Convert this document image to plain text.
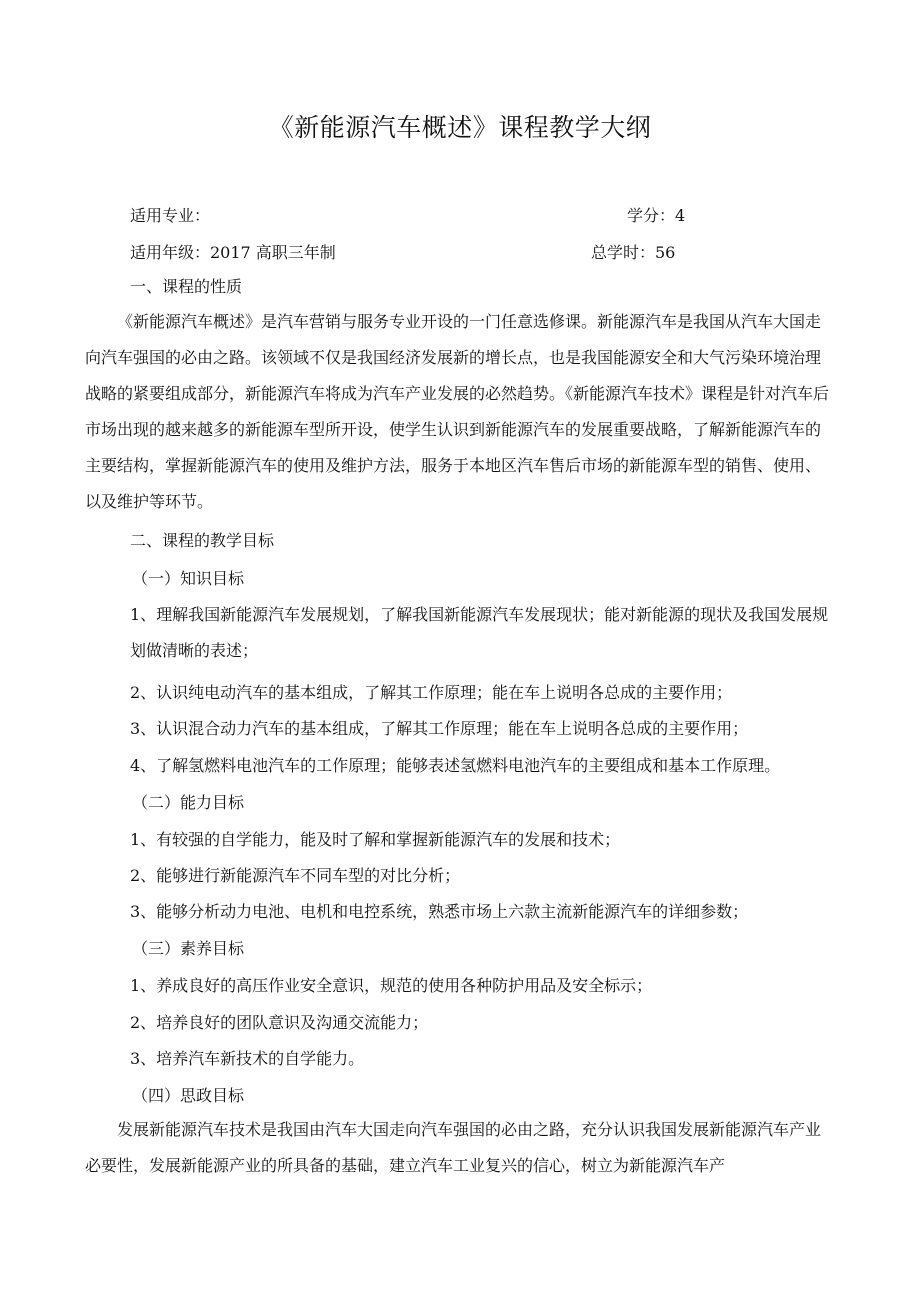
《新能源汽车概述》课程教学大纲
适用专业：	学分：4
适用年级：2017 高职三年制	总学时：56

一、课程的性质

《新能源汽车概述》是汽车营销与服务专业开设的一门任意选修课。新能源汽车是我国从汽车大国走向汽车强国的必由之路。该领域不仅是我国经济发展新的增长点，也是我国能源安全和大气污染环境治理战略的紧要组成部分，新能源汽车将成为汽车产业发展的必然趋势。《新能源汽车技术》课程是针对汽车后市场出现的越来越多的新能源车型所开设，使学生认识到新能源汽车的发展重要战略，了解新能源汽车的主要结构，掌握新能源汽车的使用及维护方法，服务于本地区汽车售后市场的新能源车型的销售、使用、以及维护等环节。

二、课程的教学目标

（一）知识目标

1、理解我国新能源汽车发展规划，了解我国新能源汽车发展现状；能对新能源的现状及我国发展规划做清晰的表述；

2、认识纯电动汽车的基本组成，了解其工作原理；能在车上说明各总成的主要作用；

3、认识混合动力汽车的基本组成，了解其工作原理；能在车上说明各总成的主要作用；

4、了解氢燃料电池汽车的工作原理；能够表述氢燃料电池汽车的主要组成和基本工作原理。

（二）能力目标

1、有较强的自学能力，能及时了解和掌握新能源汽车的发展和技术；

2、能够进行新能源汽车不同车型的对比分析；

3、能够分析动力电池、电机和电控系统，熟悉市场上六款主流新能源汽车的详细参数；

（三）素养目标

1、养成良好的高压作业安全意识，规范的使用各种防护用品及安全标示；

2、培养良好的团队意识及沟通交流能力；

3、培养汽车新技术的自学能力。

（四）思政目标

发展新能源汽车技术是我国由汽车大国走向汽车强国的必由之路，充分认识我国发展新能源汽车产业必要性，发展新能源产业的所具备的基础，建立汽车工业复兴的信心，树立为新能源汽车产
